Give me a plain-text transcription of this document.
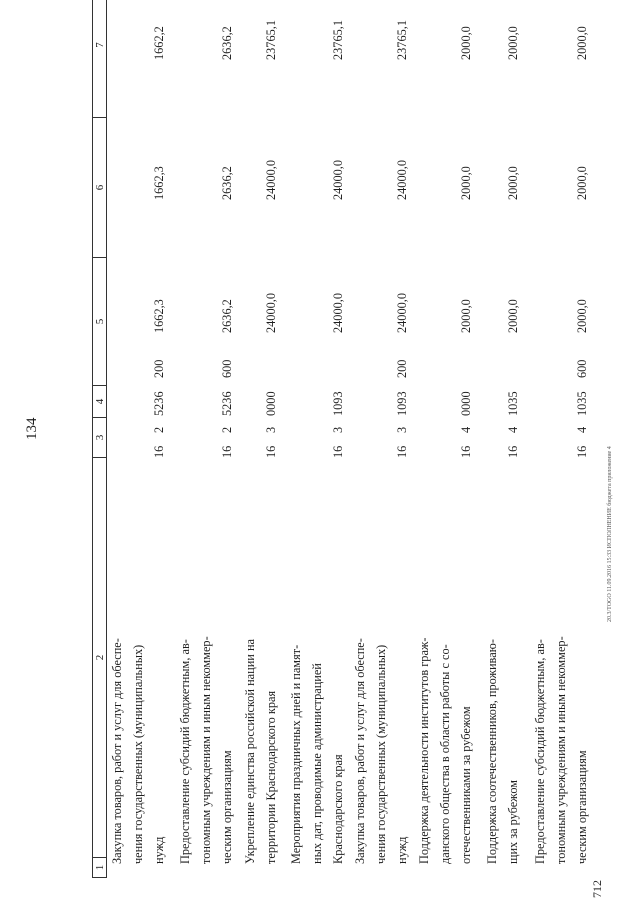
134
712
20.3/TOGO 11.09.2016 15:33 ИСПОЛНЕНИЕ бюджета приложение 4
1
2
3
4
5
6
7
Закупка товаров, работ и услуг для обеспе- чения государственных (муниципальных) нужд
16
2
5236
200
1662,3
1662,3
1662,2
Предоставление субсидий бюджетным, ав- тономным учреждениям и иным некоммер- ческим организациям
16
2
5236
600
2636,2
2636,2
2636,2
Укрепление единства российской нации на территории Краснодарского края
16
3
0000
24000,0
24000,0
23765,1
Мероприятия праздничных дней и памят- ных дат, проводимые администрацией Краснодарского края
16
3
1093
24000,0
24000,0
23765,1
Закупка товаров, работ и услуг для обеспе- чения государственных (муниципальных) нужд
16
3
1093
200
24000,0
24000,0
23765,1
Поддержка деятельности институтов граж- данского общества в области работы с со- отечественниками за рубежом
16
4
0000
2000,0
2000,0
2000,0
Поддержка соотечественников, проживаю- щих за рубежом
16
4
1035
2000,0
2000,0
2000,0
Предоставление субсидий бюджетным, ав- тономным учреждениям и иным некоммер- ческим организациям
16
4
1035
600
2000,0
2000,0
2000,0
